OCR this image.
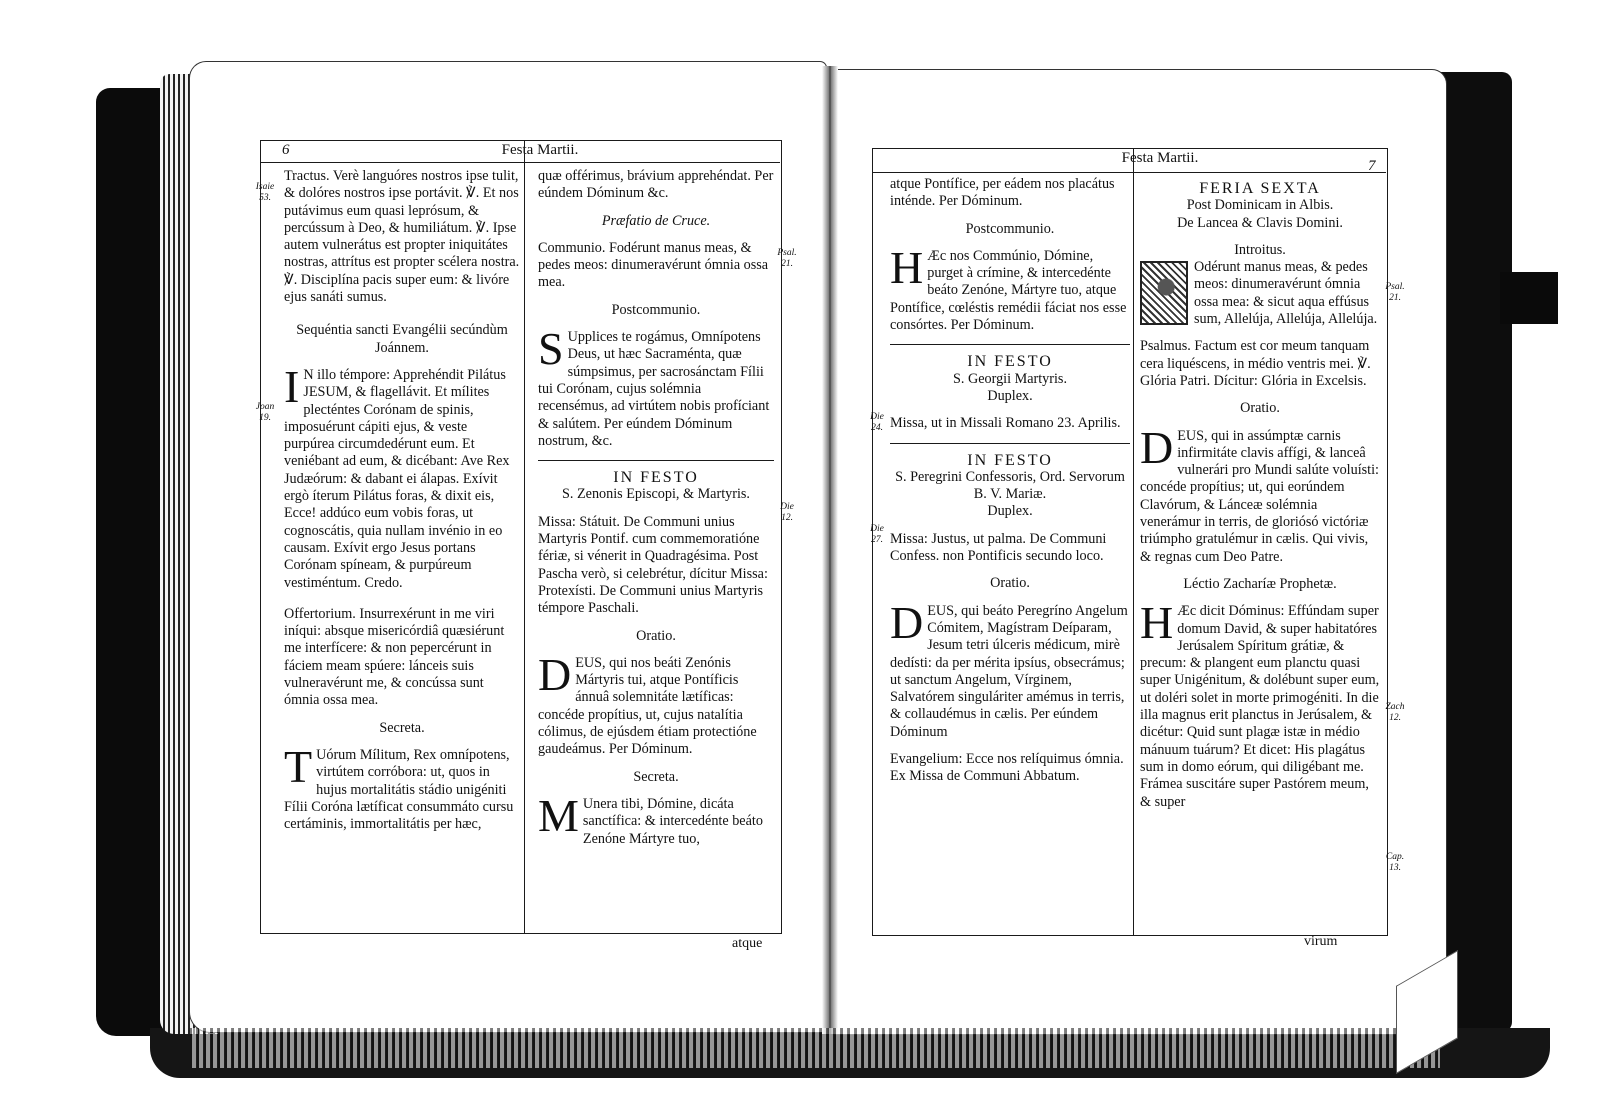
6	Festa Martii.
Isaie 53.
Joan 19.
Psal. 21.
Die 12.

Tractus. Verè languóres nostros ipse tulit, & dolóres nostros ipse portávit. ℣. Et nos putávimus eum quasi leprósum, & percússum à Deo, & humiliátum. ℣. Ipse autem vulnerátus est propter iniquitátes nostras, attrítus est propter scélera nostra. ℣. Disciplína pacis super eum: & livóre ejus sanáti sumus.

Sequéntia sancti Evangélii secúndùm Joánnem.

I N illo témpore: Apprehéndit Pilátus JESUM, & flagellávit. Et mílites plecténtes Corónam de spinis, imposuérunt cápiti ejus, & veste purpúrea circumdedérunt eum. Et veniébant ad eum, & dicébant: Ave Rex Judæórum: & dabant ei álapas. Exívit ergò íterum Pilátus foras, & dixit eis, Ecce! addúco eum vobis foras, ut cognoscátis, quia nullam invénio in eo causam. Exívit ergo Jesus portans Corónam spíneam, & purpúreum vestiméntum. Credo.

Offertorium. Insurrexérunt in me viri iníqui: absque misericórdiâ quæsiérunt me interfícere: & non pepercérunt in fáciem meam spúere: lánceis suis vulneravérunt me, & concússa sunt ómnia ossa mea.

Secreta.

T Uórum Mílitum, Rex omnípotens, virtútem corróbora: ut, quos in hujus mortalitátis stádio unigéniti Fílii Coróna lætíficat consummáto cursu certáminis, immortalitátis per hæc,

quæ offérimus, brávium apprehéndat. Per eúndem Dóminum &c.

Præfatio de Cruce.

Communio. Fodérunt manus meas, & pedes meos: dinumeravérunt ómnia ossa mea.

Postcommunio.

S Upplices te rogámus, Omnípotens Deus, ut hæc Sacraménta, quæ súmpsimus, per sacrosánctam Fílii tui Corónam, cujus solémnia recensémus, ad virtútem nobis profíciant & salútem. Per eúndem Dóminum nostrum, &c.

IN FESTO

S. Zenonis Episcopi, & Martyris.

Missa: Státuit. De Communi unius Martyris Pontif. cum commemoratióne fériæ, si vénerit in Quadragésima. Post Pascha verò, si celebrétur, dícitur Missa: Protexísti. De Communi unius Martyris témpore Paschali.

Oratio.

D EUS, qui nos beáti Zenónis Mártyris tui, atque Pontíficis ánnuâ solemnitáte lætíficas: concéde propítius, ut, cujus natalítia cólimus, de ejúsdem étiam protectióne gaudeámus. Per Dóminum.

Secreta.

M Unera tibi, Dómine, dicáta sanctífica: & intercedénte beáto Zenóne Mártyre tuo,

atque
Festa Martii.	7
Die 24.
Die 27.
Psal. 21.
Zach 12.
Cap. 13.

atque Pontífice, per eádem nos placátus inténde. Per Dóminum.

Postcommunio.

H Æc nos Commúnio, Dómine, purget à crímine, & intercedénte beáto Zenóne, Mártyre tuo, atque Pontífice, cœléstis remédii fáciat nos esse consórtes. Per Dóminum.

IN FESTO

S. Georgii Martyris.

Duplex.

Missa, ut in Missali Romano 23. Aprilis.

IN FESTO

S. Peregrini Confessoris, Ord. Servorum B. V. Mariæ.

Duplex.

Missa: Justus, ut palma. De Communi Confess. non Pontificis secundo loco.

Oratio.

D EUS, qui beáto Peregríno Angelum Cómitem, Magístram Deíparam, Jesum tetri úlceris médicum, mirè dedísti: da per mérita ipsíus, obsecrámus; ut sanctum Angelum, Vírginem, Salvatórem singuláriter amémus in terris, & collaudémus in cælis. Per eúndem Dóminum

Evangelium: Ecce nos relíquimus ómnia. Ex Missa de Communi Abbatum.

FERIA SEXTA

Post Dominicam in Albis.

De Lancea & Clavis Domini.

Introitus.

Odérunt manus meas, & pedes meos: dinumeravérunt ómnia ossa mea: & sicut aqua effúsus sum, Allelúja, Allelúja, Allelúja.

Psalmus. Factum est cor meum tanquam cera liquéscens, in médio ventris mei. ℣. Glória Patri. Dícitur: Glória in Excelsis.

Oratio.

D EUS, qui in assúmptæ carnis infirmitáte clavis affígi, & lanceâ vulnerári pro Mundi salúte voluísti: concéde propítius; ut, qui eorúndem Clavórum, & Lánceæ solémnia venerámur in terris, de gloriósó victóriæ triúmpho gratulémur in cælis. Qui vivis, & regnas cum Deo Patre.

Léctio Zacharíæ Prophetæ.

H Æc dicit Dóminus: Effúndam super domum David, & super habitatóres Jerúsalem Spíritum grátiæ, & precum: & plangent eum planctu quasi super Unigénitum, & dolébunt super eum, ut doléri solet in morte primogéniti. In die illa magnus erit planctus in Jerúsalem, & dicétur: Quid sunt plagæ istæ in médio mánuum tuárum? Et dicet: His plagátus sum in domo eórum, qui diligébant me. Frámea suscitáre super Pastórem meum, & super

virum
